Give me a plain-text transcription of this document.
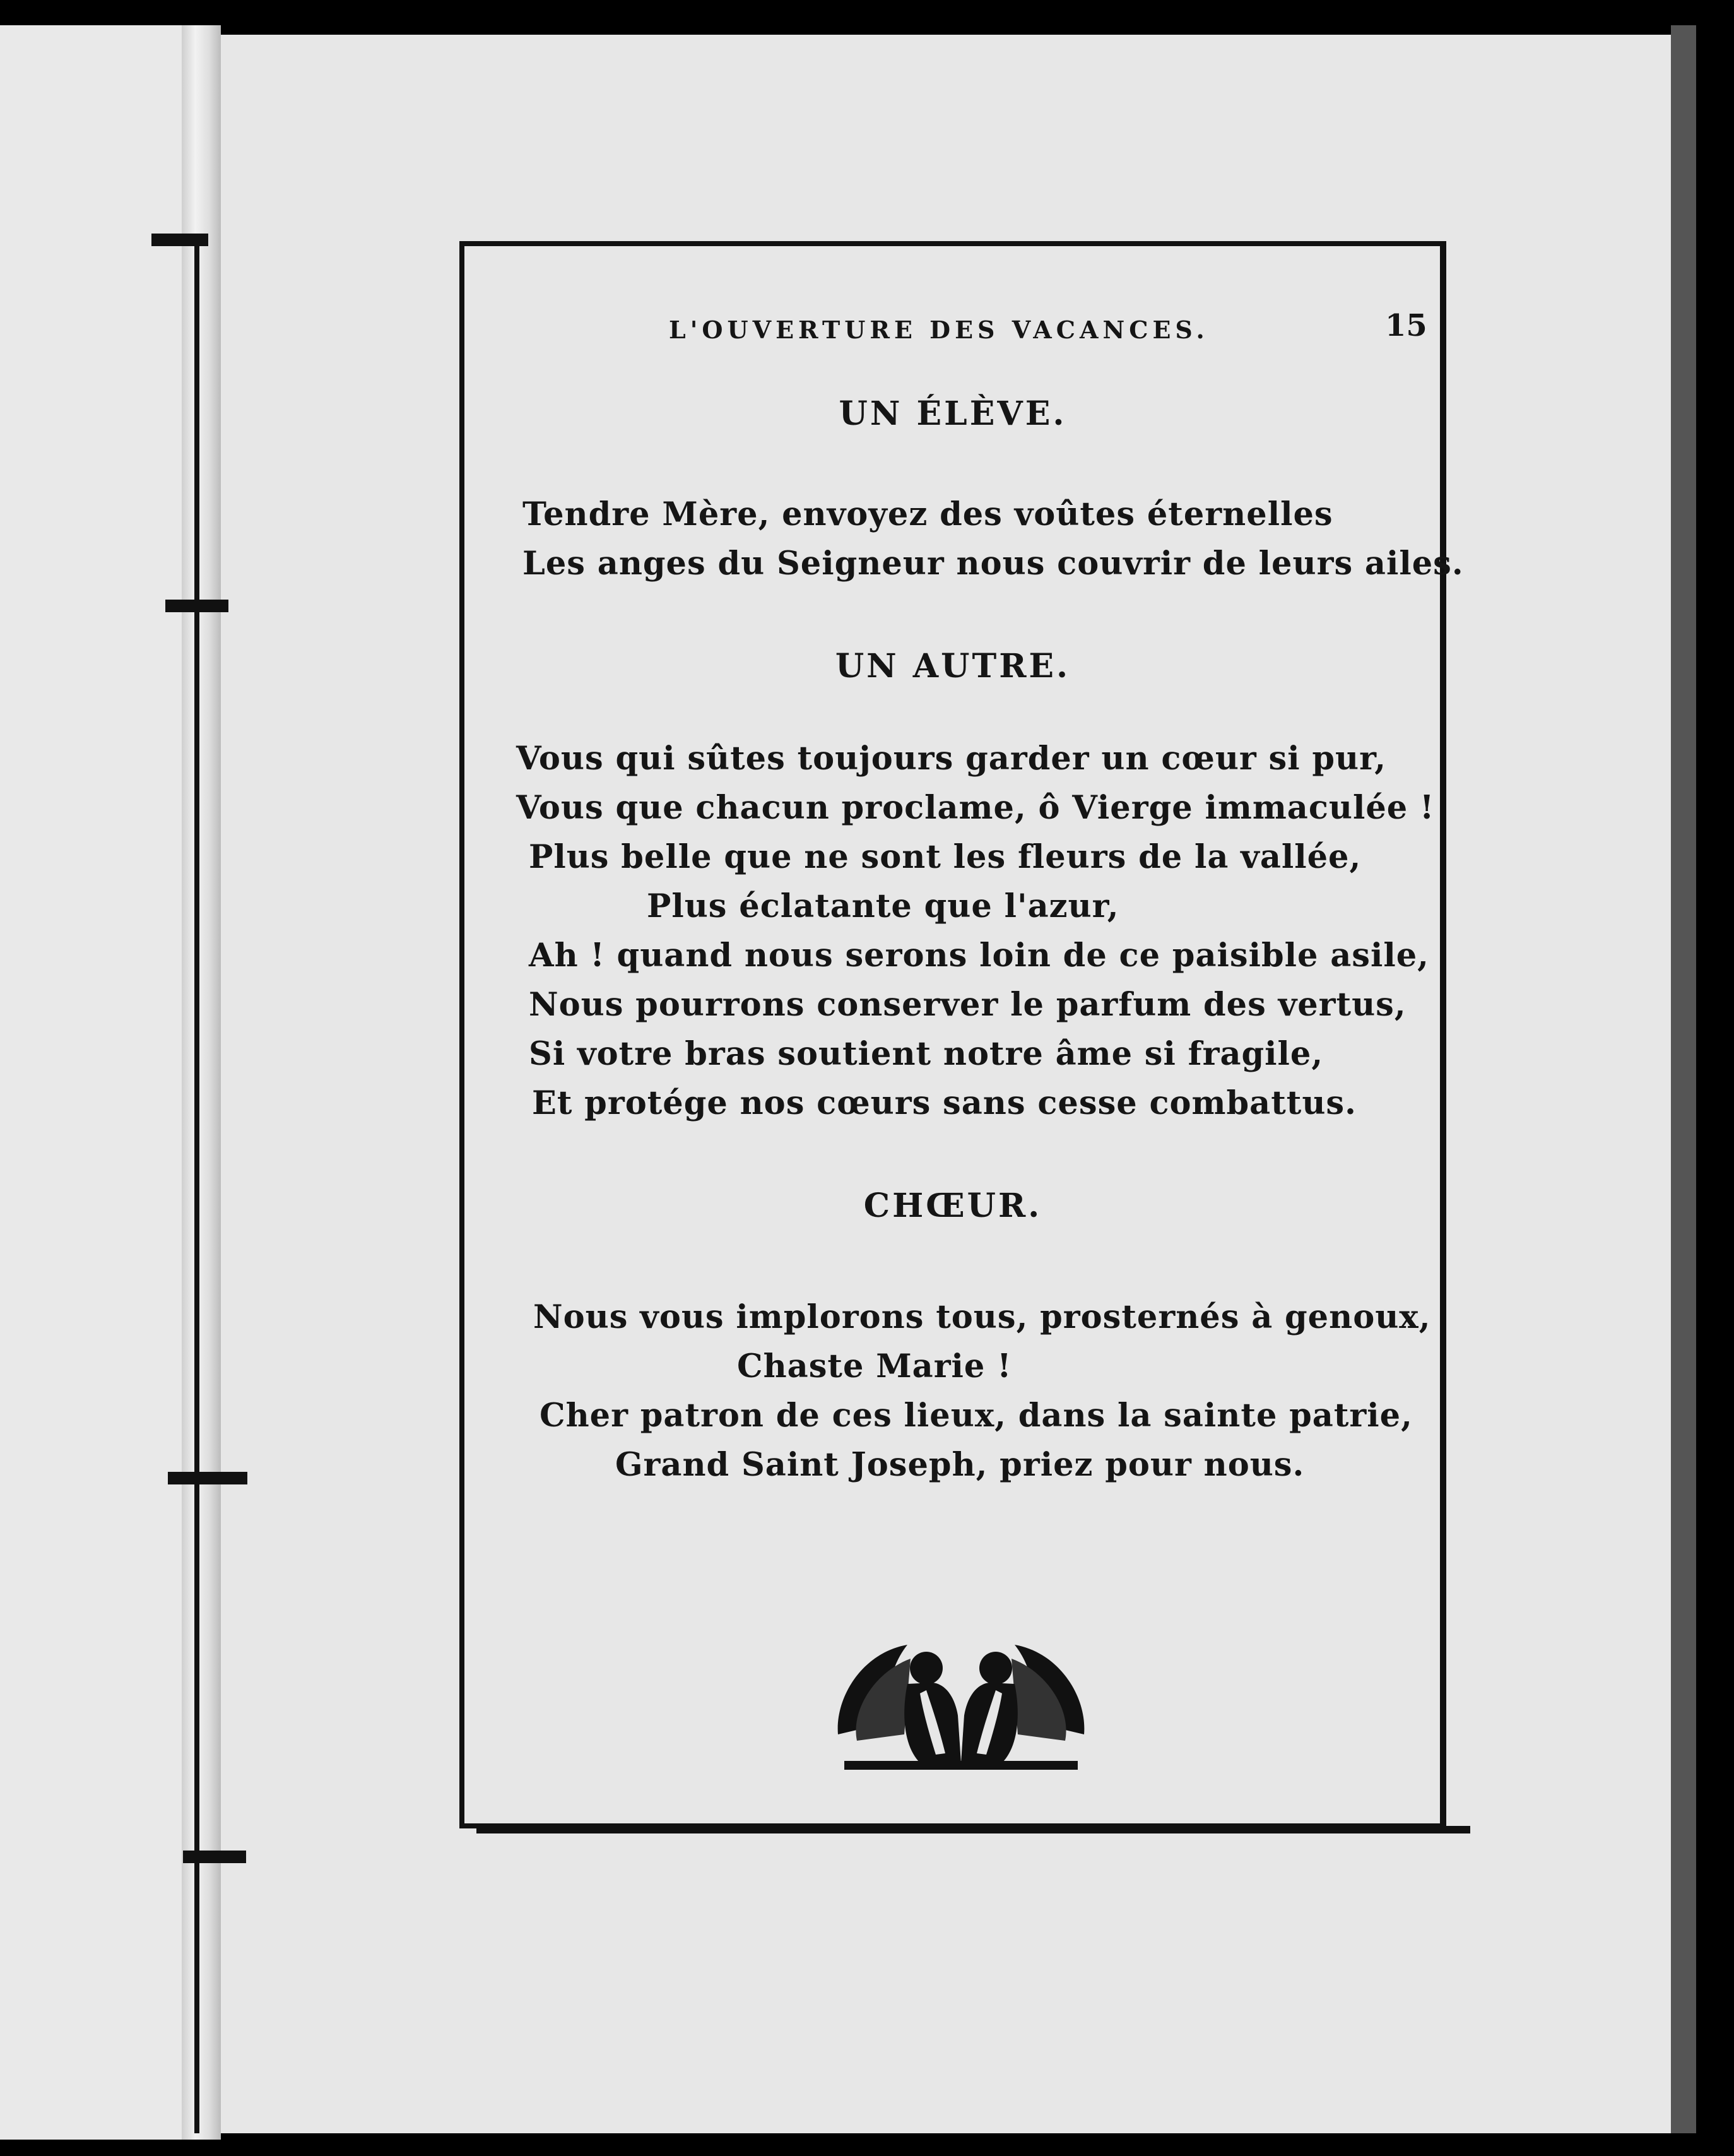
L'OUVERTURE DES VACANCES.	15
UN ÉLÈVE.
Tendre Mère, envoyez des voûtes éternelles
Les anges du Seigneur nous couvrir de leurs ailes.
UN AUTRE.
Vous qui sûtes toujours garder un cœur si pur,
Vous que chacun proclame, ô Vierge immaculée !
Plus belle que ne sont les fleurs de la vallée,
Plus éclatante que l'azur,
Ah ! quand nous serons loin de ce paisible asile,
Nous pourrons conserver le parfum des vertus,
Si votre bras soutient notre âme si fragile,
Et protége nos cœurs sans cesse combattus.
CHŒUR.
Nous vous implorons tous, prosternés à genoux,
Chaste Marie !
Cher patron de ces lieux, dans la sainte patrie,
Grand Saint Joseph, priez pour nous.
